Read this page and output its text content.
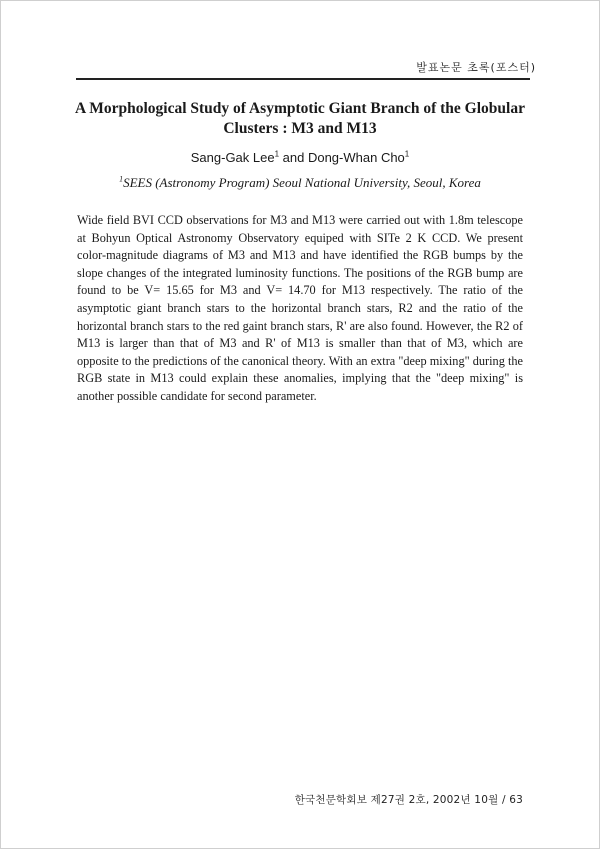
발표논문 초록(포스터)
A Morphological Study of Asymptotic Giant Branch of the Globular Clusters : M3 and M13
Sang-Gak Lee$^1$ and Dong-Whan Cho$^1$
$^1$SEES (Astronomy Program) Seoul National University, Seoul, Korea
Wide field BVI CCD observations for M3 and M13 were carried out with 1.8m telescope at Bohyun Optical Astronomy Observatory equiped with SITe 2 K CCD. We present color-magnitude diagrams of M3 and M13 and have identified the RGB bumps by the slope changes of the integrated luminosity functions. The positions of the RGB bump are found to be V= 15.65 for M3 and V= 14.70 for M13 respectively. The ratio of the asymptotic giant branch stars to the horizontal branch stars, R2 and the ratio of the horizontal branch stars to the red gaint branch stars, R' are also found. However, the R2 of M13 is larger than that of M3 and R' of M13 is smaller than that of M3, which are opposite to the predictions of the canonical theory. With an extra "deep mixing" during the RGB state in M13 could explain these anomalies, implying that the "deep mixing" is another possible candidate for second parameter.
한국천문학회보 제27권 2호, 2002년 10월 / 63
